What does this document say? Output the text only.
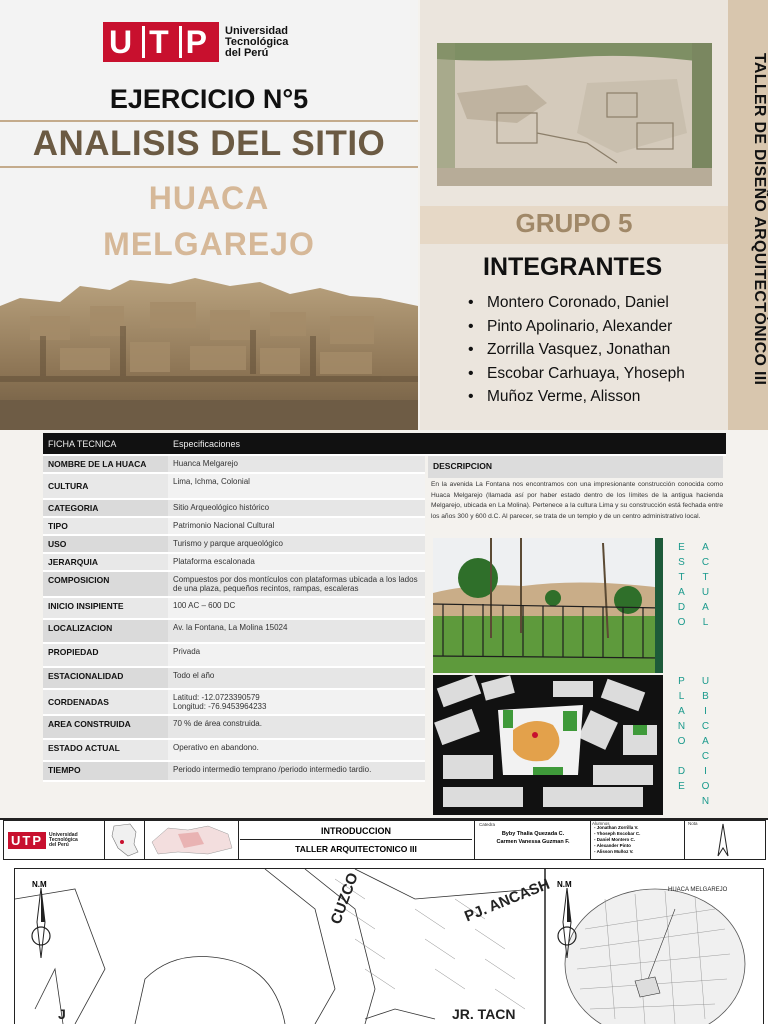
U T P Universidad
Tecnológica
del Perú
EJERCICIO N°5
ANALISIS DEL SITIO
HUACA
MELGAREJO
GRUPO 5
INTEGRANTES
• Montero Coronado, Daniel
• Pinto Apolinario, Alexander
• Zorrilla Vasquez, Jonathan
• Escobar Carhuaya, Yhoseph
• Muñoz Verme, Alisson
TALLER DE DISEÑO ARQUITECTÓNICO III
FICHA TECNICA	Especificaciones	
NOMBRE DE LA HUACA	Huanca Melgarejo	
CULTURA	Lima, Ichma, Colonial	
CATEGORIA	Sitio Arqueológico histórico	
TIPO	Patrimonio Nacional Cultural	
USO	Turismo y parque arqueológico	
JERARQUIA	Plataforma escalonada	
COMPOSICION	Compuestos por dos montículos con plataformas ubicada a los lados de una plaza, pequeños recintos, rampas, escaleras	
INICIO INSIPIENTE	100 AC – 600 DC	
LOCALIZACION	Av. la Fontana, La Molina 15024	
PROPIEDAD	Privada	
ESTACIONALIDAD	Todo el año	
CORDENADAS	Latitud: -12.0723390579
Longitud: -76.9453964233	

AREA CONSTRUIDA	70 % de área construida.	
ESTADO ACTUAL	Operativo en abandono.	
TIEMPO	Periodo intermedio temprano /periodo intermedio tardio.	
DESCRIPCION
En la avenida La Fontana nos encontramos con una impresionante construcción conocida como Huaca Melgarejo (llamada así por haber estado dentro de los límites de la antigua hacienda Melgarejo, ubicada en La Molina). Pertenece a la cultura Lima y su construcción está fechada entre los años 300 y 600 d.C. Al parecer, se trata de un templo y de un centro administrativo local.
ESTADO ACTUAL
PLANO
DE UBICACION
UTP	Universidad
Tecnológica
del Perú
INTRODUCCION
TALLER ARQUITECTONICO III
Catedra
Byby Thalia Quezada C.
Carmen Vanessa Guzman F.
Alumnos
- Jonathan Zorrilla V.
- Yhoseph Escobar C.
- Daniel Montero C.
- Alexander Pinto
- Alisson Muñoz V.
Nota
N.M	N.M
CUZCO	PJ. ANCASH
JR. TACN
J
HUACA MELGAREJO
